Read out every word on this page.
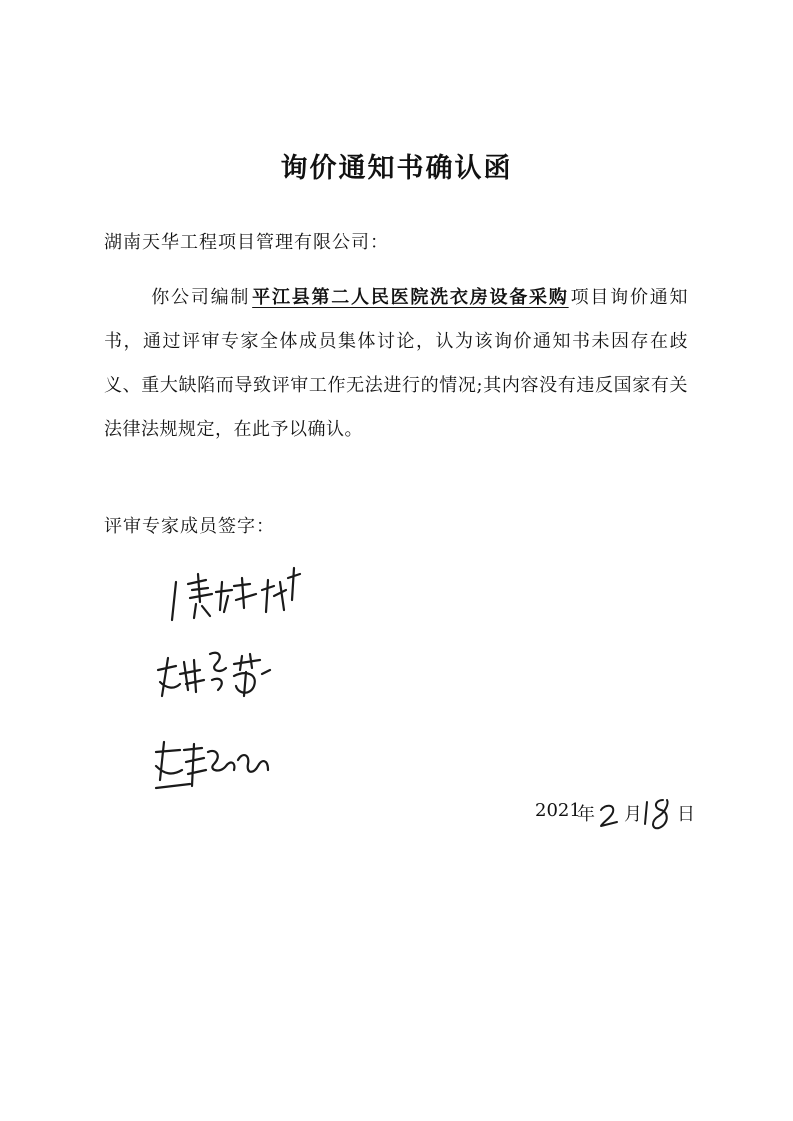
询价通知书确认函
湖南天华工程项目管理有限公司：
你公司编制 平江县第二人民医院洗衣房设备采购 项目询价通知书，通过评审专家全体成员集体讨论，认为该询价通知书未因存在歧义、重大缺陷而导致评审工作无法进行的情况;其内容没有违反国家有关法律法规规定，在此予以确认。
评审专家成员签字：
2021
年 月 日
